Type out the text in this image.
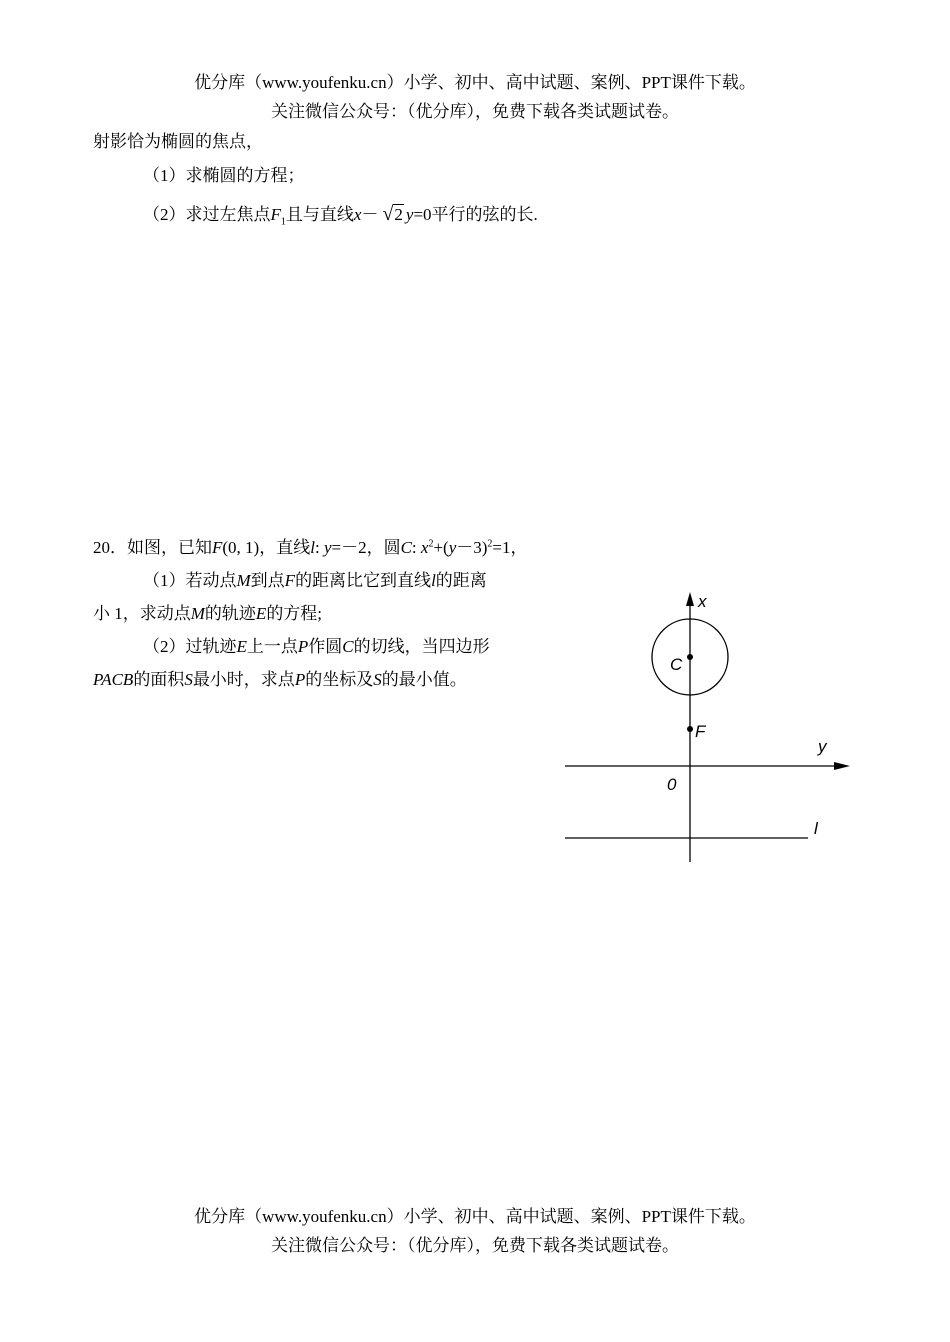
优分库（www.youfenku.cn）小学、初中、高中试题、案例、PPT课件下载。
关注微信公众号：（优分库），免费下载各类试题试卷。
射影恰为椭圆的焦点，
（1）求椭圆的方程；
（2）求过左焦点$F_1$且与直线x－ √2 y=0平行的弦的长.
20．如图，已知F(0, 1)，直线l: y=－2，圆C: $x^2+(y-3)^2=1$，
（1）若动点M到点F的距离比它到直线l的距离
小 1，求动点M的轨迹E的方程;
（2）过轨迹E上一点P作圆C的切线，当四边形
PACB的面积S最小时，求点P的坐标及S的最小值。
x
y
0
C
F
l
优分库（www.youfenku.cn）小学、初中、高中试题、案例、PPT课件下载。
关注微信公众号：（优分库），免费下载各类试题试卷。
